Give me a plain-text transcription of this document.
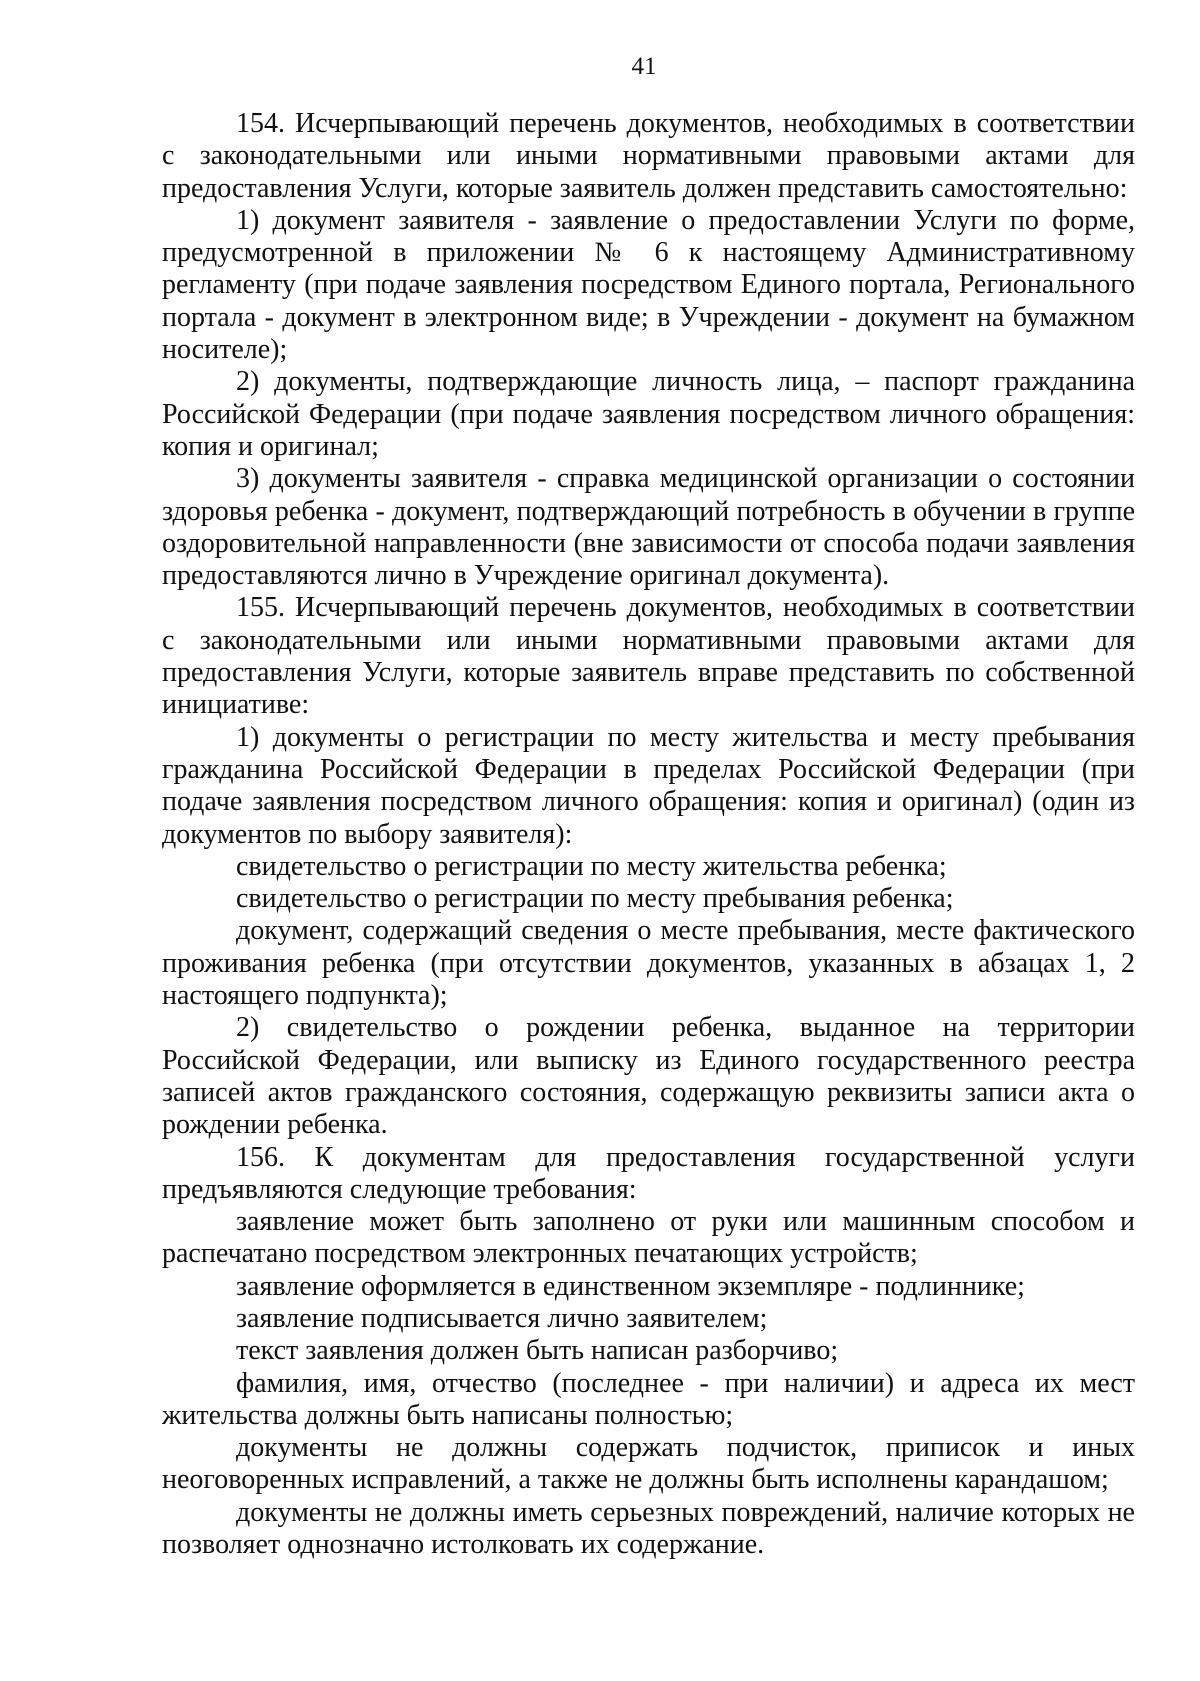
41

154. Исчерпывающий перечень документов, необходимых в соответствии с законодательными или иными нормативными правовыми актами для предоставления Услуги, которые заявитель должен представить самостоятельно:

1) документ заявителя - заявление о предоставлении Услуги по форме, предусмотренной в приложении № 6 к настоящему Административному регламенту (при подаче заявления посредством Единого портала, Регионального портала - документ в электронном виде; в Учреждении - документ на бумажном носителе);

2) документы, подтверждающие личность лица, – паспорт гражданина Российской Федерации (при подаче заявления посредством личного обращения: копия и оригинал;

3) документы заявителя - справка медицинской организации о состоянии здоровья ребенка - документ, подтверждающий потребность в обучении в группе оздоровительной направленности (вне зависимости от способа подачи заявления предоставляются лично в Учреждение оригинал документа).

155. Исчерпывающий перечень документов, необходимых в соответствии с законодательными или иными нормативными правовыми актами для предоставления Услуги, которые заявитель вправе представить по собственной инициативе:

1) документы о регистрации по месту жительства и месту пребывания гражданина Российской Федерации в пределах Российской Федерации (при подаче заявления посредством личного обращения: копия и оригинал) (один из документов по выбору заявителя):

свидетельство о регистрации по месту жительства ребенка;

свидетельство о регистрации по месту пребывания ребенка;

документ, содержащий сведения о месте пребывания, месте фактического проживания ребенка (при отсутствии документов, указанных в абзацах 1, 2 настоящего подпункта);

2) свидетельство о рождении ребенка, выданное на территории Российской Федерации, или выписку из Единого государственного реестра записей актов гражданского состояния, содержащую реквизиты записи акта о рождении ребенка.

156. К документам для предоставления государственной услуги предъявляются следующие требования:

заявление может быть заполнено от руки или машинным способом и распечатано посредством электронных печатающих устройств;

заявление оформляется в единственном экземпляре - подлиннике;

заявление подписывается лично заявителем;

текст заявления должен быть написан разборчиво;

фамилия, имя, отчество (последнее - при наличии) и адреса их мест жительства должны быть написаны полностью;

документы не должны содержать подчисток, приписок и иных неоговоренных исправлений, а также не должны быть исполнены карандашом;

документы не должны иметь серьезных повреждений, наличие которых не позволяет однозначно истолковать их содержание.
